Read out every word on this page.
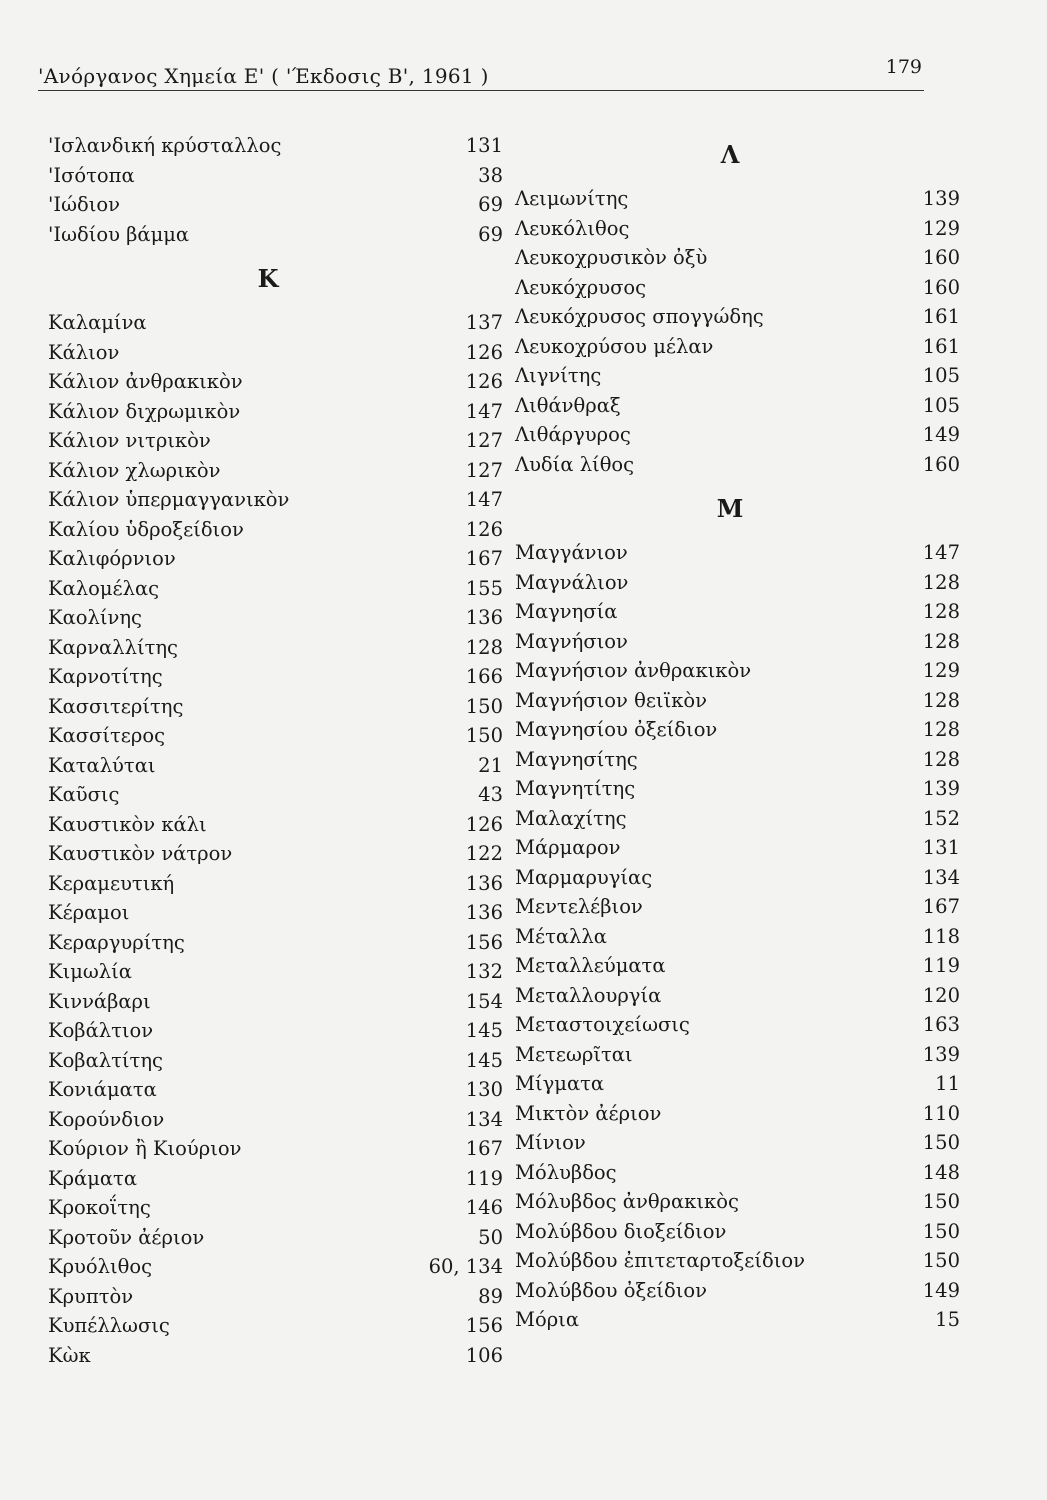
'Ανόργανος Χημεία Ε' ( 'Έκδοσις Β', 1961 )	179
'Ισλανδική κρύσταλλος	131
'Ισότοπα	38
'Ιώδιον	69
'Ιωδίου βάμμα	69
Κ
Καλαμίνα	137
Κάλιον	126
Κάλιον ἀνθρακικὸν	126
Κάλιον διχρωμικὸν	147
Κάλιον νιτρικὸν	127
Κάλιον χλωρικὸν	127
Κάλιον ὑπερμαγγανικὸν	147
Καλίου ὑδροξείδιον	126
Καλιφόρνιον	167
Καλομέλας	155
Καολίνης	136
Καρναλλίτης	128
Καρνοτίτης	166
Κασσιτερίτης	150
Κασσίτερος	150
Καταλύται	21
Καῦσις	43
Καυστικὸν κάλι	126
Καυστικὸν νάτρον	122
Κεραμευτική	136
Κέραμοι	136
Κεραργυρίτης	156
Κιμωλία	132
Κιννάβαρι	154
Κοβάλτιον	145
Κοβαλτίτης	145
Κονιάματα	130
Κορούνδιον	134
Κούριον ἢ Κιούριον	167
Κράματα	119
Κροκοΐτης	146
Κροτοῦν ἀέριον	50
Κρυόλιθος	60, 134
Κρυπτὸν	89
Κυπέλλωσις	156
Κὼκ	106
Λ
Λειμωνίτης	139
Λευκόλιθος	129
Λευκοχρυσικὸν ὀξὺ	160
Λευκόχρυσος	160
Λευκόχρυσος σπογγώδης	161
Λευκοχρύσου μέλαν	161
Λιγνίτης	105
Λιθάνθραξ	105
Λιθάργυρος	149
Λυδία λίθος	160
Μ
Μαγγάνιον	147
Μαγνάλιον	128
Μαγνησία	128
Μαγνήσιον	128
Μαγνήσιον ἀνθρακικὸν	129
Μαγνήσιον θειϊκὸν	128
Μαγνησίου ὀξείδιον	128
Μαγνησίτης	128
Μαγνητίτης	139
Μαλαχίτης	152
Μάρμαρον	131
Μαρμαρυγίας	134
Μεντελέβιον	167
Μέταλλα	118
Μεταλλεύματα	119
Μεταλλουργία	120
Μεταστοιχείωσις	163
Μετεωρῖται	139
Μίγματα	11
Μικτὸν ἀέριον	110
Μίνιον	150
Μόλυβδος	148
Μόλυβδος ἀνθρακικὸς	150
Μολύβδου διοξείδιον	150
Μολύβδου ἐπιτεταρτοξείδιον	150
Μολύβδου ὀξείδιον	149
Μόρια	15
